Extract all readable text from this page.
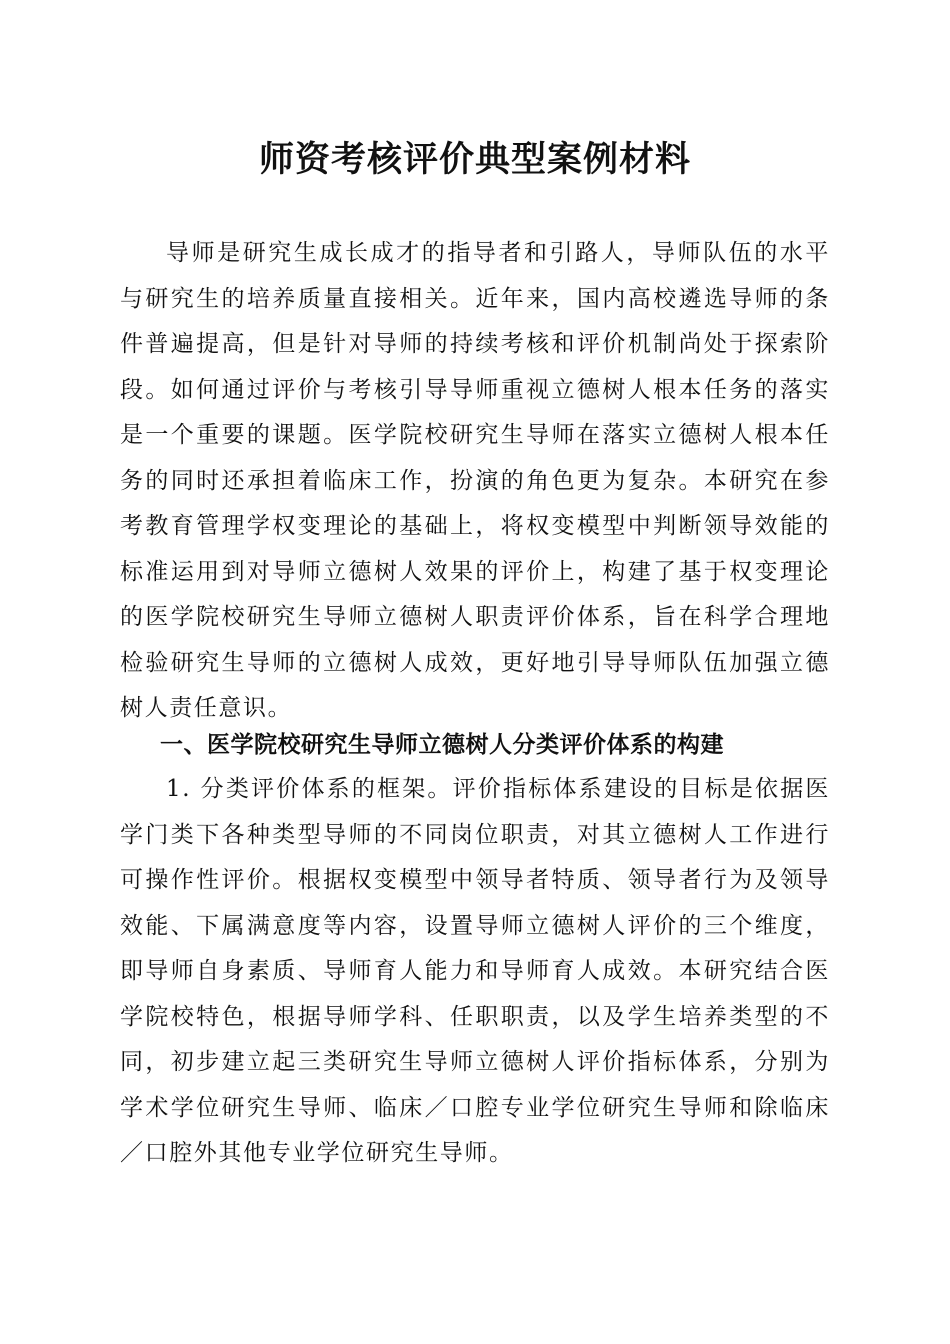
师资考核评价典型案例材料

导师是研究生成长成才的指导者和引路人，导师队伍的水平与研究生的培养质量直接相关。近年来，国内高校遴选导师的条件普遍提高，但是针对导师的持续考核和评价机制尚处于探索阶段。如何通过评价与考核引导导师重视立德树人根本任务的落实是一个重要的课题。医学院校研究生导师在落实立德树人根本任务的同时还承担着临床工作，扮演的角色更为复杂。本研究在参考教育管理学权变理论的基础上，将权变模型中判断领导效能的标准运用到对导师立德树人效果的评价上，构建了基于权变理论的医学院校研究生导师立德树人职责评价体系，旨在科学合理地检验研究生导师的立德树人成效，更好地引导导师队伍加强立德树人责任意识。

一、医学院校研究生导师立德树人分类评价体系的构建

1. 分类评价体系的框架。评价指标体系建设的目标是依据医学门类下各种类型导师的不同岗位职责，对其立德树人工作进行可操作性评价。根据权变模型中领导者特质、领导者行为及领导效能、下属满意度等内容，设置导师立德树人评价的三个维度，即导师自身素质、导师育人能力和导师育人成效。本研究结合医学院校特色，根据导师学科、任职职责，以及学生培养类型的不同，初步建立起三类研究生导师立德树人评价指标体系，分别为学术学位研究生导师、临床／口腔专业学位研究生导师和除临床／口腔外其他专业学位研究生导师。
